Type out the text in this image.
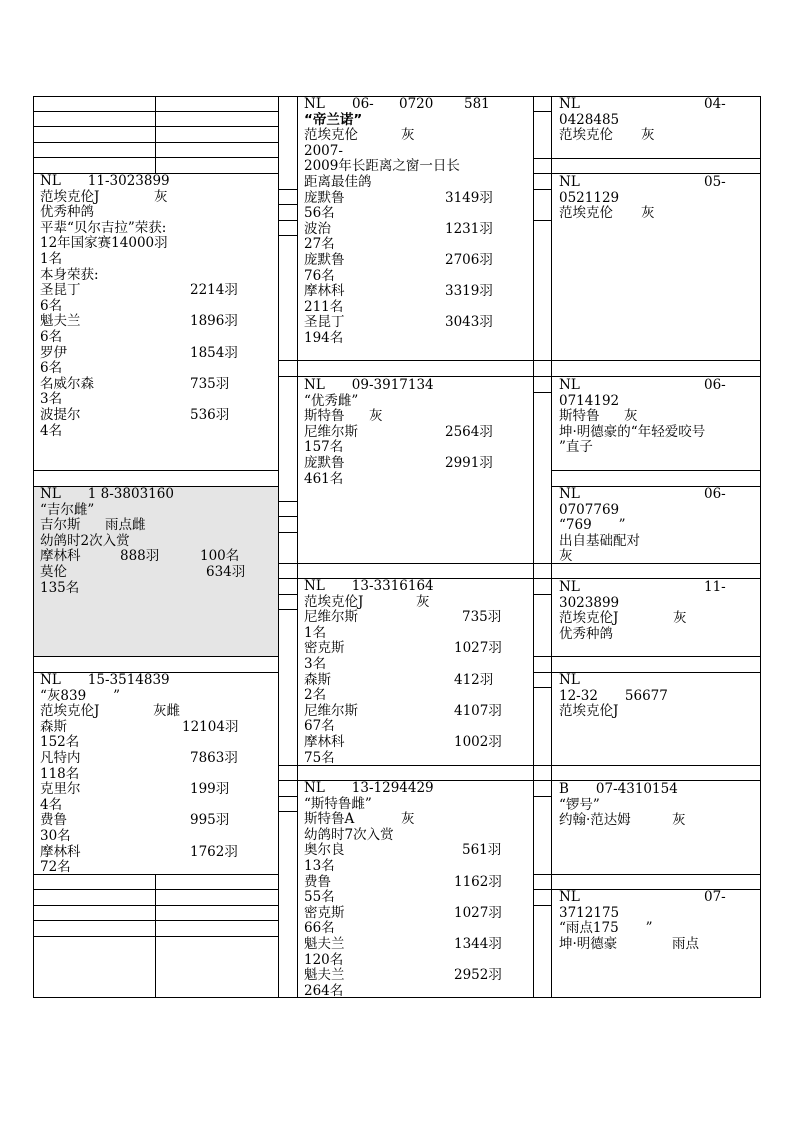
NL 06- 0720 581
“帝兰诺”
范埃克伦	灰
2007-
2009年长距离之窗一日长
距离最佳鸽
庞默鲁	3149羽
56名
波治	1231羽
27名
庞默鲁	2706羽
76名
摩林科	3319羽
211名
圣昆丁	3043羽
194名
NL　　11-3023899
范埃克伦J	灰
优秀种鸽
平辈“贝尔吉拉”荣获:
12年国家赛14000羽
1名
本身荣获:
圣昆丁	2214羽
6名
魁夫兰	1896羽
6名
罗伊	1854羽
6名
名威尔森	735羽
3名
波提尔	536羽
4名
NL　　1 8-3803160
“吉尔雌”
吉尔斯 雨点雌
幼鸽时2次入赏
摩林科	888羽	100名
莫伦	634羽
135名
NL　　15-3514839
“灰839　　”
范埃克伦J	灰雌
森斯	12104羽
152名
凡特内	7863羽
118名
克里尔	199羽
4名
费鲁	995羽
30名
摩林科	1762羽
72名
NL　　09-3917134
“优秀雌”
斯特鲁 灰
尼维尔斯	2564羽
157名
庞默鲁	2991羽
461名
NL　　13-3316164
范埃克伦J	灰
尼维尔斯	735羽
1名
密克斯	1027羽
3名
森斯	412羽
2名
尼维尔斯	4107羽
67名
摩林科	1002羽
75名
NL　　13-1294429
“斯特鲁雌”
斯特鲁A	灰
幼鸽时7次入赏
奥尔良	561羽
13名
费鲁	1162羽
55名
密克斯	1027羽
66名
魁夫兰	1344羽
120名
魁夫兰	2952羽
264名
NL	04-
0428485
范埃克伦 灰
NL	05-
0521129
范埃克伦 灰
NL	06-
0714192
斯特鲁 灰
坤·明德豪的“年轻爱咬号
”直子
NL	06-
0707769
“769　　”
出自基础配对
灰
NL	11-
3023899
范埃克伦J	灰
优秀种鸽
NL
12-32　　56677
范埃克伦J
B　　07-4310154
“锣号”
约翰·范达姆	灰
NL	07-
3712175
“雨点175　　”
坤·明德豪	雨点
